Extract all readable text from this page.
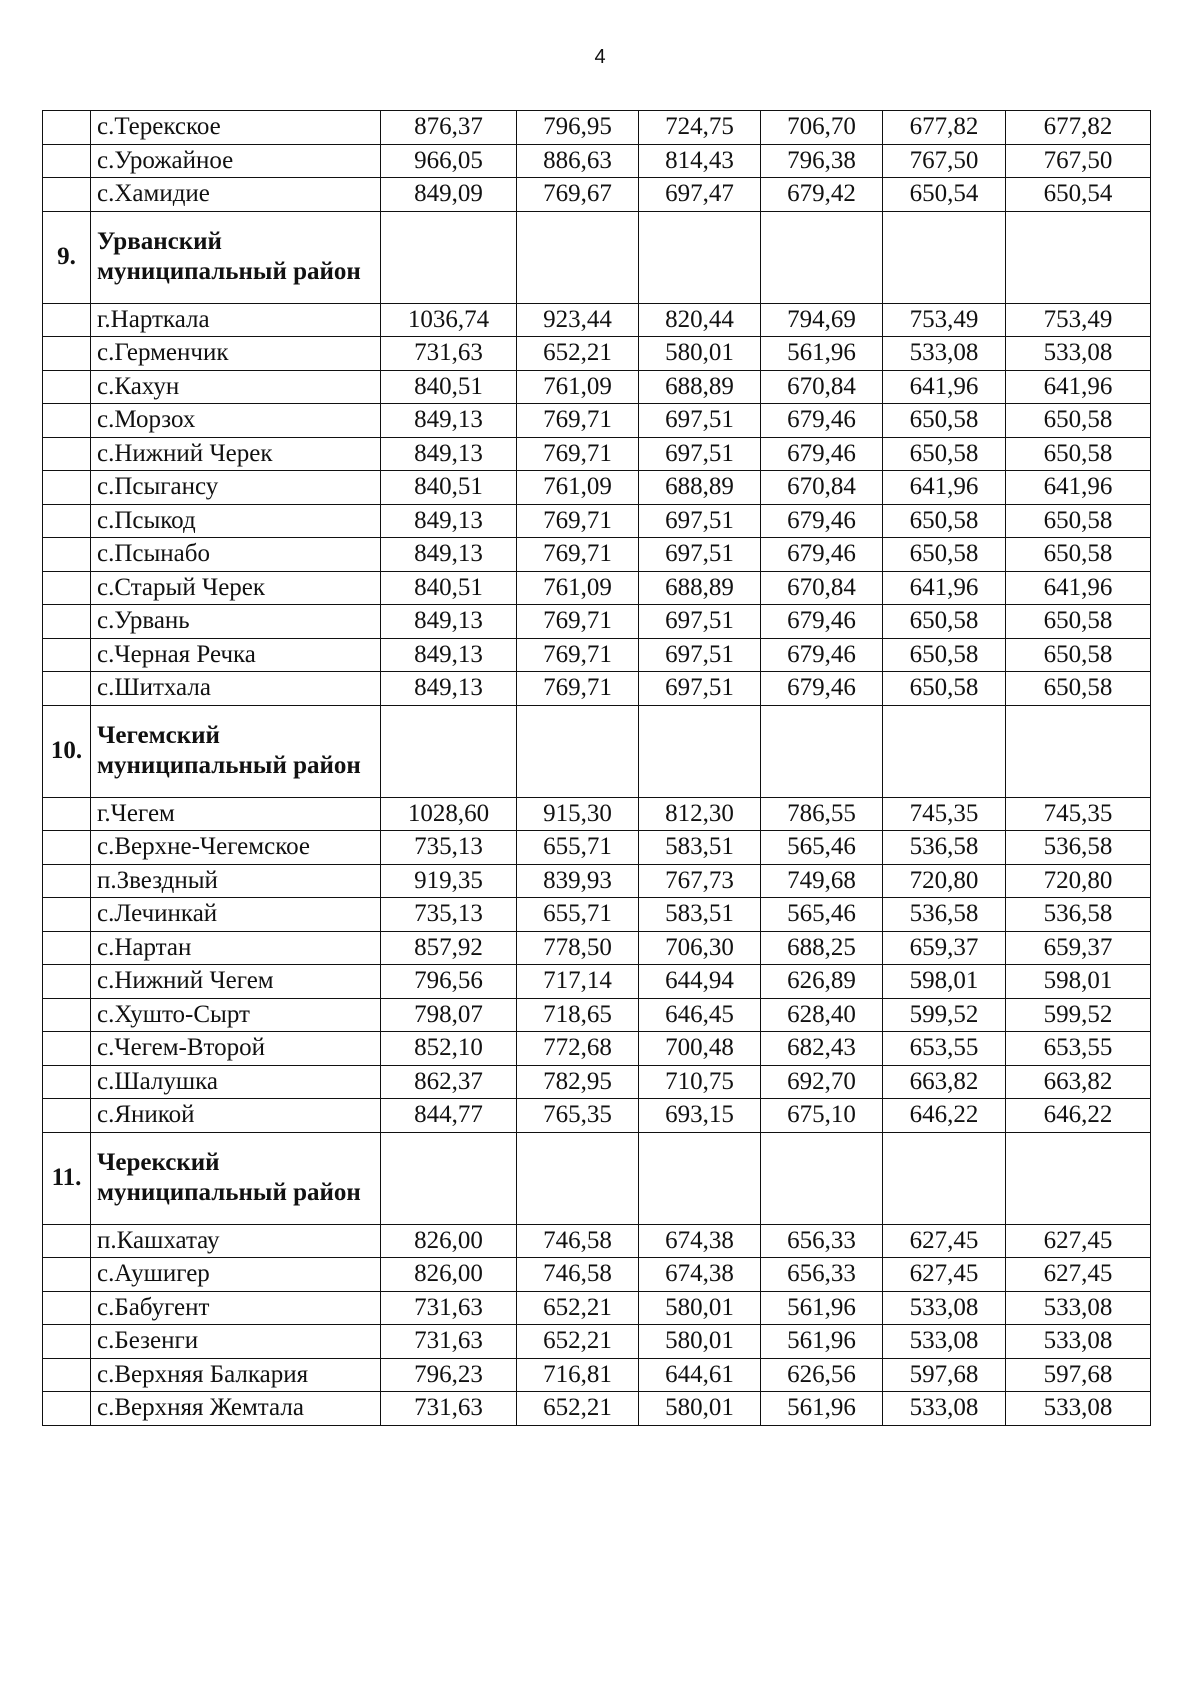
4
	с.Терекское	876,37	796,95	724,75	706,70	677,82	677,82
	с.Урожайное	966,05	886,63	814,43	796,38	767,50	767,50
	с.Хамидие	849,09	769,67	697,47	679,42	650,54	650,54
9.	Урванский
муниципальный район						

	г.Нарткала	1036,74	923,44	820,44	794,69	753,49	753,49
	с.Герменчик	731,63	652,21	580,01	561,96	533,08	533,08
	с.Кахун	840,51	761,09	688,89	670,84	641,96	641,96
	с.Морзох	849,13	769,71	697,51	679,46	650,58	650,58
	с.Нижний Черек	849,13	769,71	697,51	679,46	650,58	650,58
	с.Псыгансу	840,51	761,09	688,89	670,84	641,96	641,96
	с.Псыкод	849,13	769,71	697,51	679,46	650,58	650,58
	с.Псынабо	849,13	769,71	697,51	679,46	650,58	650,58
	с.Старый Черек	840,51	761,09	688,89	670,84	641,96	641,96
	с.Урвань	849,13	769,71	697,51	679,46	650,58	650,58
	с.Черная Речка	849,13	769,71	697,51	679,46	650,58	650,58
	с.Шитхала	849,13	769,71	697,51	679,46	650,58	650,58
10.	Чегемский
муниципальный район						

	г.Чегем	1028,60	915,30	812,30	786,55	745,35	745,35
	с.Верхне-Чегемское	735,13	655,71	583,51	565,46	536,58	536,58
	п.Звездный	919,35	839,93	767,73	749,68	720,80	720,80
	с.Лечинкай	735,13	655,71	583,51	565,46	536,58	536,58
	с.Нартан	857,92	778,50	706,30	688,25	659,37	659,37
	с.Нижний Чегем	796,56	717,14	644,94	626,89	598,01	598,01
	с.Хушто-Сырт	798,07	718,65	646,45	628,40	599,52	599,52
	с.Чегем-Второй	852,10	772,68	700,48	682,43	653,55	653,55
	с.Шалушка	862,37	782,95	710,75	692,70	663,82	663,82
	с.Яникой	844,77	765,35	693,15	675,10	646,22	646,22
11.	Черекский
муниципальный район						

	п.Кашхатау	826,00	746,58	674,38	656,33	627,45	627,45
	с.Аушигер	826,00	746,58	674,38	656,33	627,45	627,45
	с.Бабугент	731,63	652,21	580,01	561,96	533,08	533,08
	с.Безенги	731,63	652,21	580,01	561,96	533,08	533,08
	с.Верхняя Балкария	796,23	716,81	644,61	626,56	597,68	597,68
	с.Верхняя Жемтала	731,63	652,21	580,01	561,96	533,08	533,08
